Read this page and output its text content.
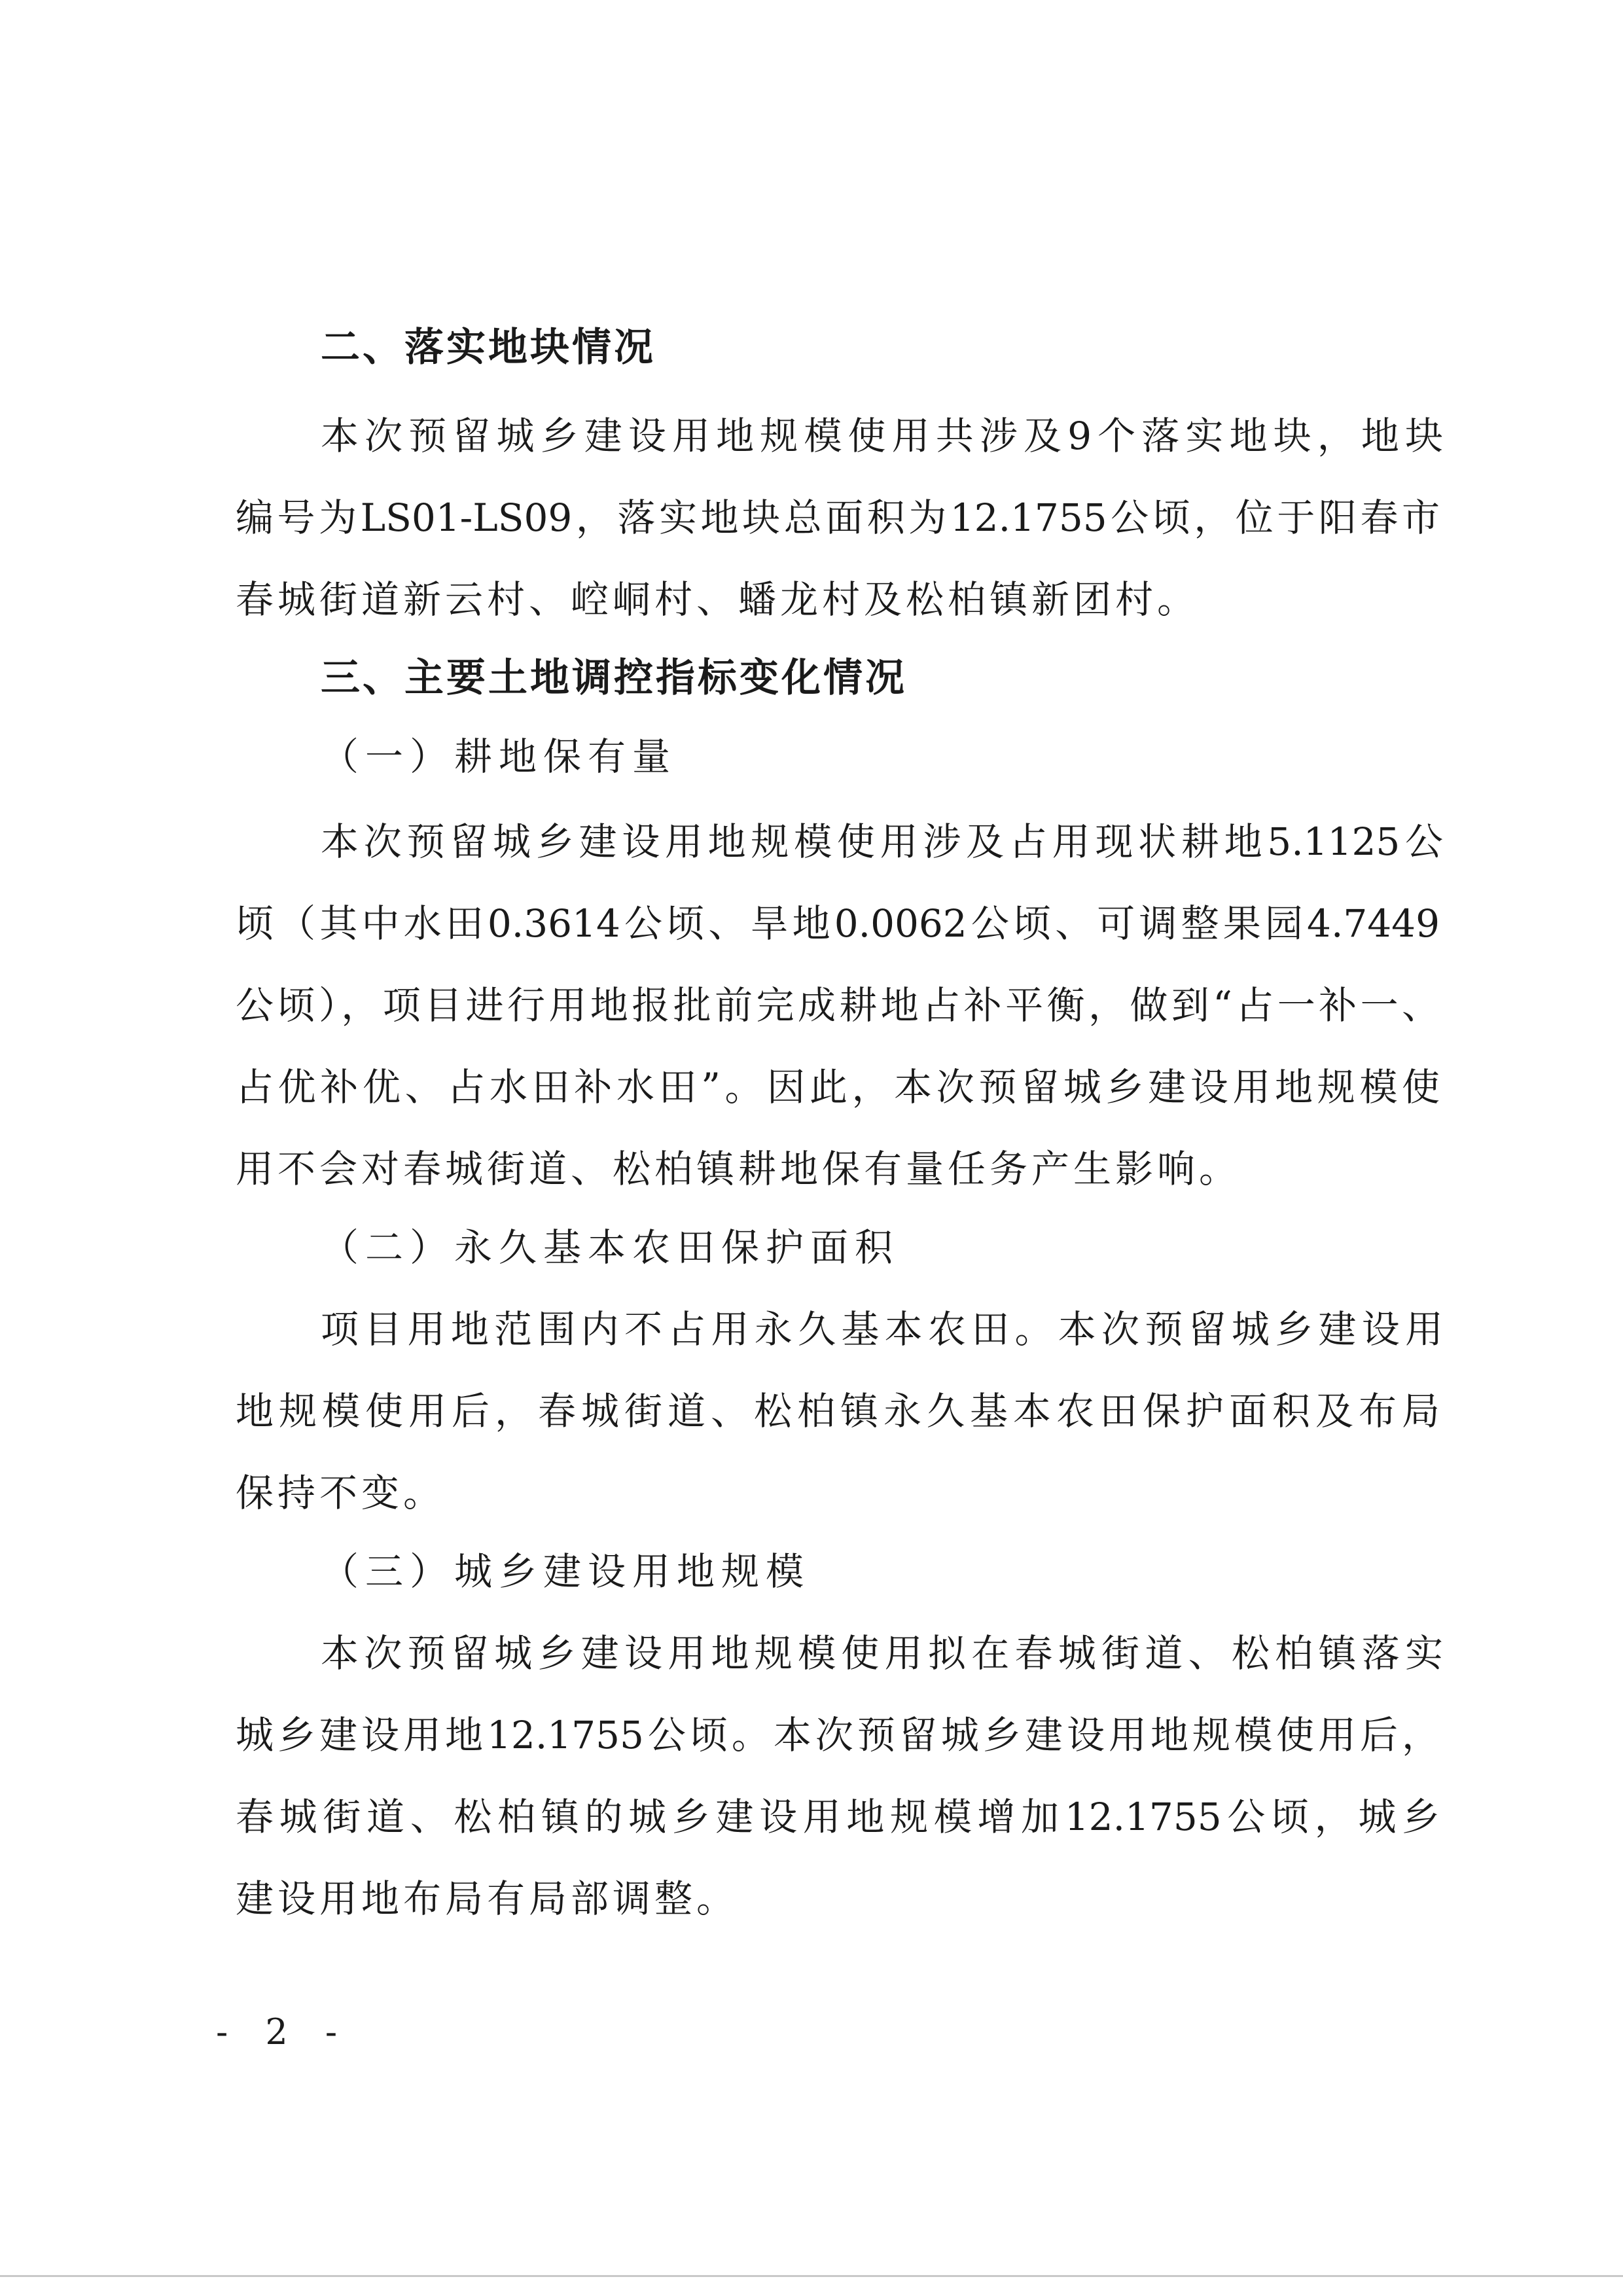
二、落实地块情况
本次预留城乡建设用地规模使用共涉及9个落实地块，地块
编号为LS01-LS09，落实地块总面积为12.1755公顷，位于阳春市
春城街道新云村、崆峒村、蟠龙村及松柏镇新团村。
三、主要土地调控指标变化情况
（一）耕地保有量
本次预留城乡建设用地规模使用涉及占用现状耕地5.1125公
顷（其中水田0.3614公顷、旱地0.0062公顷、可调整果园4.7449
公顷），项目进行用地报批前完成耕地占补平衡，做到“占一补一、
占优补优、占水田补水田”。因此，本次预留城乡建设用地规模使
用不会对春城街道、松柏镇耕地保有量任务产生影响。
（二）永久基本农田保护面积
项目用地范围内不占用永久基本农田。本次预留城乡建设用
地规模使用后，春城街道、松柏镇永久基本农田保护面积及布局
保持不变。
（三）城乡建设用地规模
本次预留城乡建设用地规模使用拟在春城街道、松柏镇落实
城乡建设用地12.1755公顷。本次预留城乡建设用地规模使用后，
春城街道、松柏镇的城乡建设用地规模增加12.1755公顷，城乡
建设用地布局有局部调整。
- 2 -
